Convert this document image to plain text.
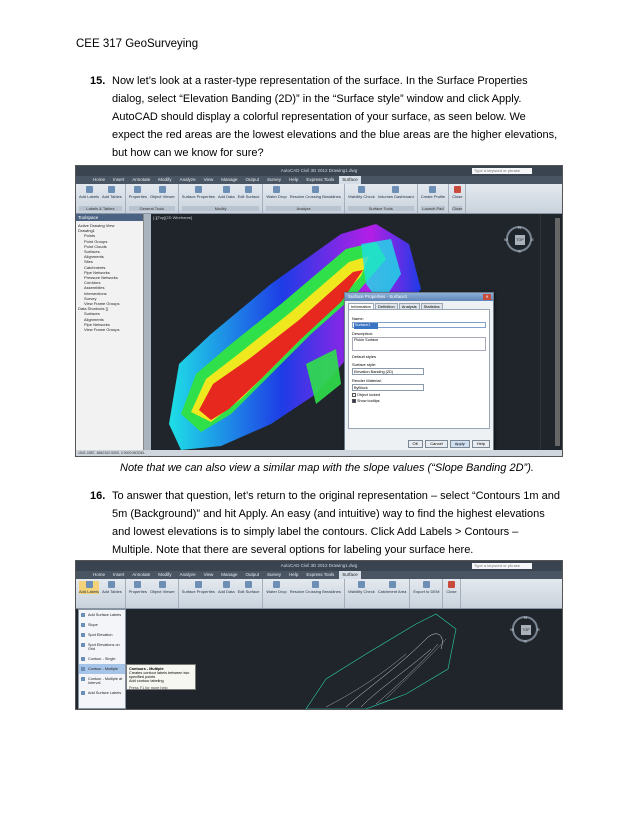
CEE 317 GeoSurveying
15. Now let’s look at a raster-type representation of the surface. In the Surface Properties dialog, select “Elevation Banding (2D)” in the “Surface style” window and click Apply. AutoCAD should display a colorful representation of your surface, as seen below. We expect the red areas are the lowest elevations and the blue areas are the higher elevations, but how can we know for sure?
AutoCAD Civil 3D 2012 Drawing1.dwg	Type a keyword or phrase
Home	Insert	Annotate	Modify	Analyze	View	Manage	Output	Survey	Help	Express Tools	Surface
Add Labels Add Tables
Labels & Tables
Properties Object Viewer
General Tools
Surface Properties Add Data Edit Surface
Modify
Water Drop Resolve Crossing Breaklines
Analyze
Visibility Check Volumes Dashboard
Surface Tools
Create Profile
Launch Pad
Close
Close
Toolspace
Active Drawing View
Drawing1
Points
Point Groups
Point Clouds
Surfaces
Alignments
Sites
Catchments
Pipe Networks
Pressure Networks
Corridors
Assemblies
Intersections
Survey
View Frame Groups
Data Shortcuts []
Surfaces
Alignments
Pipe Networks
View Frame Groups
[-][Top][2D Wireframe]
TOP
N
S
E
W
Surface Properties - Surface1	✕
Information	Definition	Analysis	Statistics
Name:
Surface1
Description:
Pickle Surface
Default styles
Surface style:
Elevation Banding (2D)
Render Material:
ByBlock
Object locked
Show tooltips
OK	Cancel	Apply	Help
1541.0387, 4860102.5300, 0.0000 MODEL
Note that we can also view a similar map with the slope values (“Slope Banding 2D”).
16. To answer that question, let’s return to the original representation – select “Contours 1m and 5m (Background)” and hit Apply. An easy (and intuitive) way to find the highest elevations and lowest elevations is to simply label the contours. Click Add Labels > Contours – Multiple. Note that there are several options for labeling your surface here.
AutoCAD Civil 3D 2012 Drawing1.dwg	Type a keyword or phrase
Home	Insert	Annotate	Modify	Analyze	View	Manage	Output	Survey	Help	Express Tools	Surface
Add Labels Add Tables Properties Object Viewer Surface Properties Add Data Edit Surface Water Drop Resolve Crossing Breaklines Visibility Check Catchment Area Export to DEM Close
TOP
N
S
E
W
Add Surface Labels
Slope
Spot Elevation
Spot Elevations on Grid
Contour - Single
Contour - Multiple
Contour - Multiple at Interval
Add Surface Labels
Contours - Multiple
Creates contour labels between two specified points
Add contour labeling
Press F1 for more help
